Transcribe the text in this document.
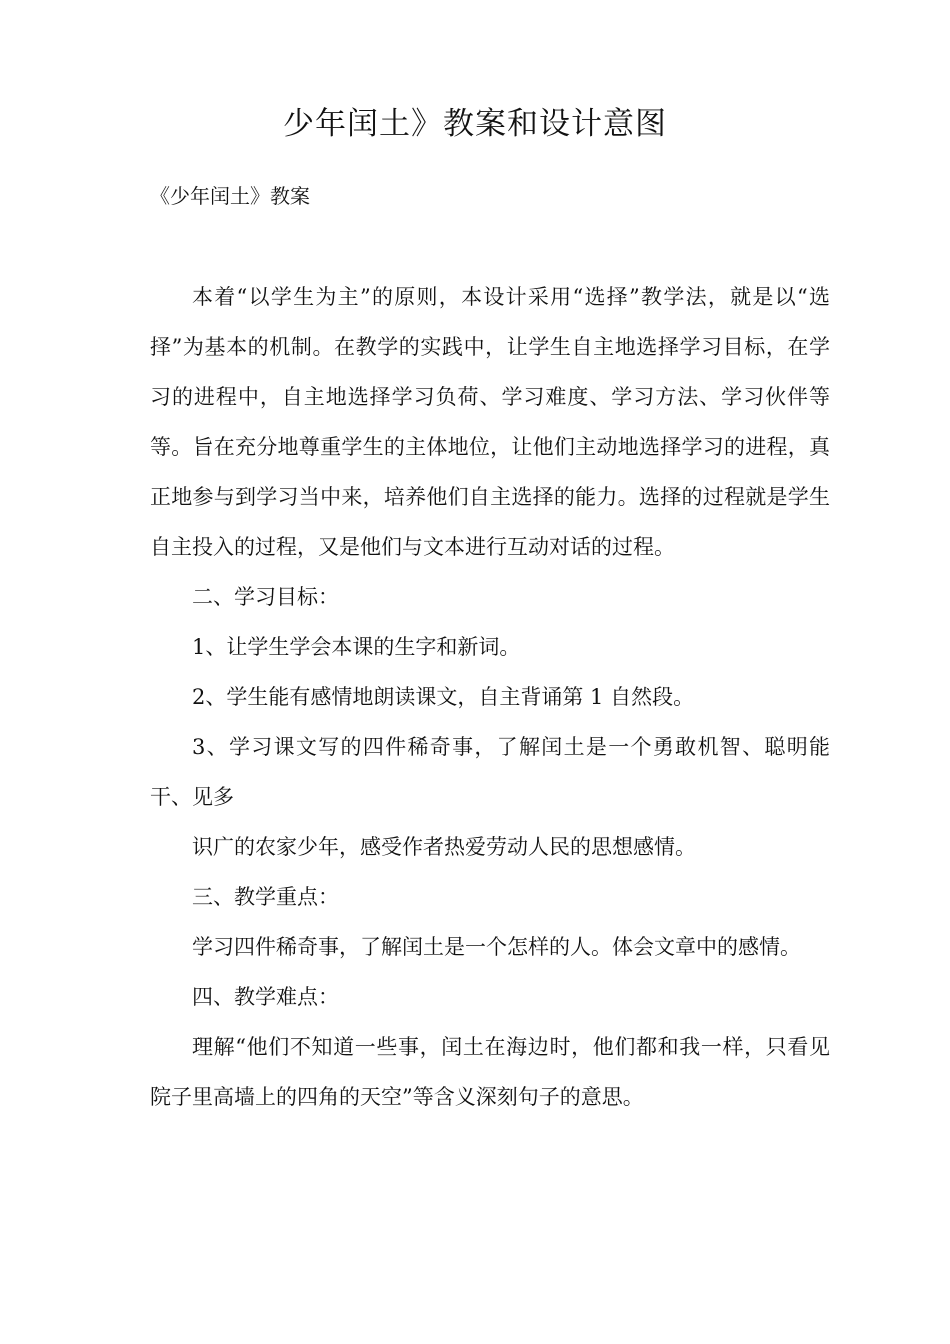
少年闰土》教案和设计意图
《少年闰土》教案

本着“以学生为主”的原则，本设计采用“选择”教学法，就是以“选择”为基本的机制。在教学的实践中，让学生自主地选择学习目标，在学习的进程中，自主地选择学习负荷、学习难度、学习方法、学习伙伴等等。旨在充分地尊重学生的主体地位，让他们主动地选择学习的进程，真正地参与到学习当中来，培养他们自主选择的能力。选择的过程就是学生自主投入的过程，又是他们与文本进行互动对话的过程。

二、学习目标：

1、让学生学会本课的生字和新词。

2、学生能有感情地朗读课文，自主背诵第 1 自然段。

3、学习课文写的四件稀奇事，了解闰土是一个勇敢机智、聪明能干、见多

识广的农家少年，感受作者热爱劳动人民的思想感情。

三、教学重点：

学习四件稀奇事，了解闰土是一个怎样的人。体会文章中的感情。

四、教学难点：

理解“他们不知道一些事，闰土在海边时，他们都和我一样，只看见院子里高墙上的四角的天空”等含义深刻句子的意思。
